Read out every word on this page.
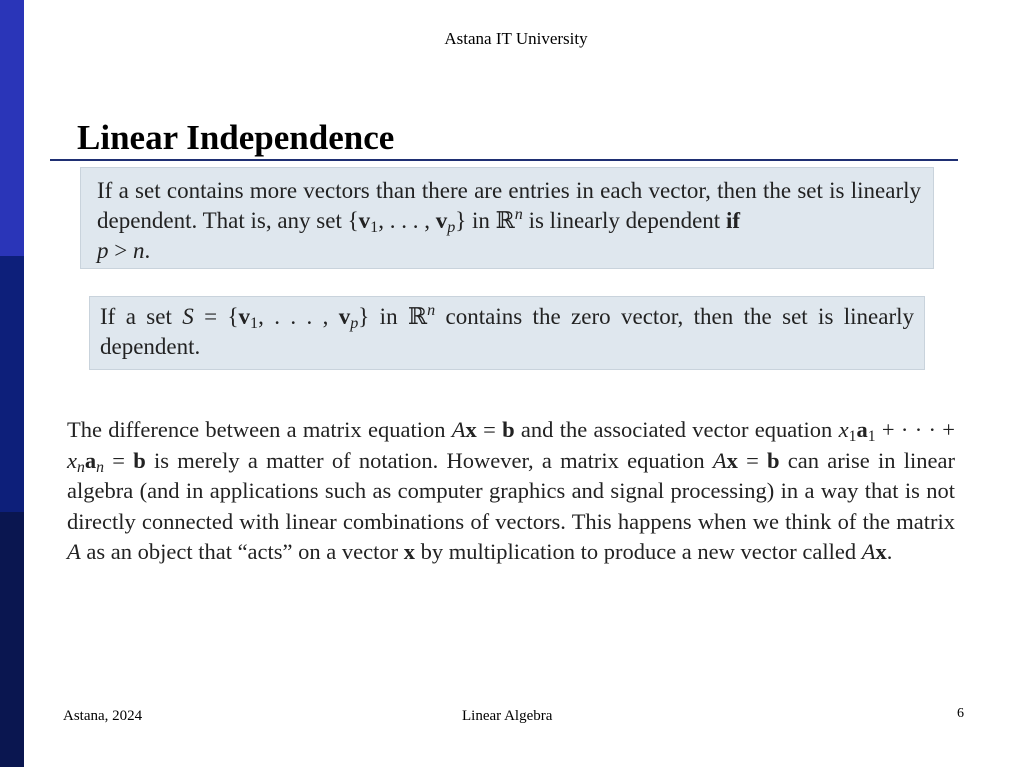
Astana IT University
Linear Independence
If a set contains more vectors than there are entries in each vector, then the set is linearly dependent. That is, any set {$v_1$, . . . , $v_p$} in ℝ$^n$ is linearly dependent if
p > n.
If a set $S = \{v_1$, . . . , $v_p$} in ℝ$^n$ contains the zero vector, then the set is linearly dependent.
The difference between a matrix equation Ax = b and the associated vector equation $x_1a_1$ + · · · + $x_na_n = b$ is merely a matter of notation. However, a matrix equation Ax = b can arise in linear algebra (and in applications such as computer graphics and signal processing) in a way that is not directly connected with linear combinations of vectors. This happens when we think of the matrix A as an object that “acts” on a vector x by multiplication to produce a new vector called Ax.
Astana, 2024	Linear Algebra	6
